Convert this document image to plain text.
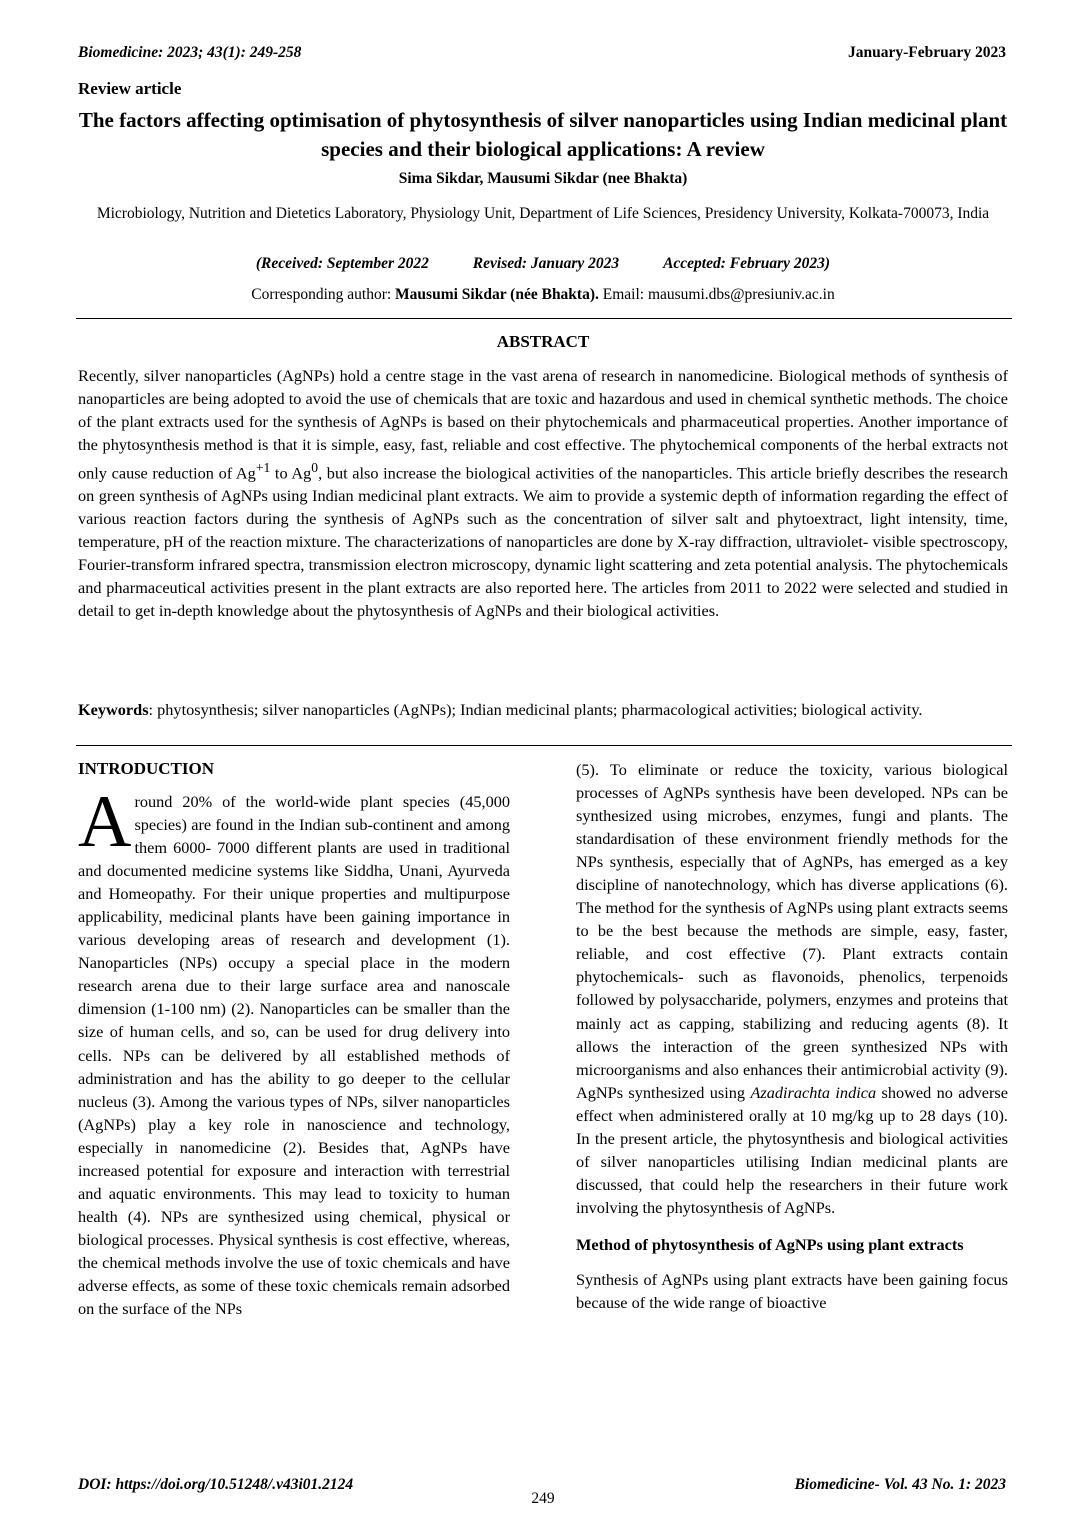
Biomedicine: 2023; 43(1): 249-258	January-February 2023
Review article
The factors affecting optimisation of phytosynthesis of silver nanoparticles using Indian medicinal plant species and their biological applications: A review
Sima Sikdar, Mausumi Sikdar (nee Bhakta)
Microbiology, Nutrition and Dietetics Laboratory, Physiology Unit, Department of Life Sciences, Presidency University, Kolkata-700073, India
(Received: September 2022	Revised: January 2023	Accepted: February 2023)
Corresponding author: Mausumi Sikdar (née Bhakta). Email: mausumi.dbs@presiuniv.ac.in
ABSTRACT

Recently, silver nanoparticles (AgNPs) hold a centre stage in the vast arena of research in nanomedicine. Biological methods of synthesis of nanoparticles are being adopted to avoid the use of chemicals that are toxic and hazardous and used in chemical synthetic methods. The choice of the plant extracts used for the synthesis of AgNPs is based on their phytochemicals and pharmaceutical properties. Another importance of the phytosynthesis method is that it is simple, easy, fast, reliable and cost effective. The phytochemical components of the herbal extracts not only cause reduction of $Ag^{+1}$ to Ag$^0$, but also increase the biological activities of the nanoparticles. This article briefly describes the research on green synthesis of AgNPs using Indian medicinal plant extracts. We aim to provide a systemic depth of information regarding the effect of various reaction factors during the synthesis of AgNPs such as the concentration of silver salt and phytoextract, light intensity, time, temperature, pH of the reaction mixture. The characterizations of nanoparticles are done by X-ray diffraction, ultraviolet- visible spectroscopy, Fourier-transform infrared spectra, transmission electron microscopy, dynamic light scattering and zeta potential analysis. The phytochemicals and pharmaceutical activities present in the plant extracts are also reported here. The articles from 2011 to 2022 were selected and studied in detail to get in-depth knowledge about the phytosynthesis of AgNPs and their biological activities.

Keywords: phytosynthesis; silver nanoparticles (AgNPs); Indian medicinal plants; pharmacological activities; biological activity.

INTRODUCTION

Around 20% of the world-wide plant species (45,000 species) are found in the Indian sub-continent and among them 6000- 7000 different plants are used in traditional and documented medicine systems like Siddha, Unani, Ayurveda and Homeopathy. For their unique properties and multipurpose applicability, medicinal plants have been gaining importance in various developing areas of research and development (1). Nanoparticles (NPs) occupy a special place in the modern research arena due to their large surface area and nanoscale dimension (1-100 nm) (2). Nanoparticles can be smaller than the size of human cells, and so, can be used for drug delivery into cells. NPs can be delivered by all established methods of administration and has the ability to go deeper to the cellular nucleus (3). Among the various types of NPs, silver nanoparticles (AgNPs) play a key role in nanoscience and technology, especially in nanomedicine (2). Besides that, AgNPs have increased potential for exposure and interaction with terrestrial and aquatic environments. This may lead to toxicity to human health (4). NPs are synthesized using chemical, physical or biological processes. Physical synthesis is cost effective, whereas, the chemical methods involve the use of toxic chemicals and have adverse effects, as some of these toxic chemicals remain adsorbed on the surface of the NPs

(5). To eliminate or reduce the toxicity, various biological processes of AgNPs synthesis have been developed. NPs can be synthesized using microbes, enzymes, fungi and plants. The standardisation of these environment friendly methods for the NPs synthesis, especially that of AgNPs, has emerged as a key discipline of nanotechnology, which has diverse applications (6). The method for the synthesis of AgNPs using plant extracts seems to be the best because the methods are simple, easy, faster, reliable, and cost effective (7). Plant extracts contain phytochemicals- such as flavonoids, phenolics, terpenoids followed by polysaccharide, polymers, enzymes and proteins that mainly act as capping, stabilizing and reducing agents (8). It allows the interaction of the green synthesized NPs with microorganisms and also enhances their antimicrobial activity (9). AgNPs synthesized using Azadirachta indica showed no adverse effect when administered orally at 10 mg/kg up to 28 days (10). In the present article, the phytosynthesis and biological activities of silver nanoparticles utilising Indian medicinal plants are discussed, that could help the researchers in their future work involving the phytosynthesis of AgNPs.

Method of phytosynthesis of AgNPs using plant extracts

Synthesis of AgNPs using plant extracts have been gaining focus because of the wide range of bioactive

DOI: https://doi.org/10.51248/.v43i01.2124	Biomedicine- Vol. 43 No. 1: 2023
249
